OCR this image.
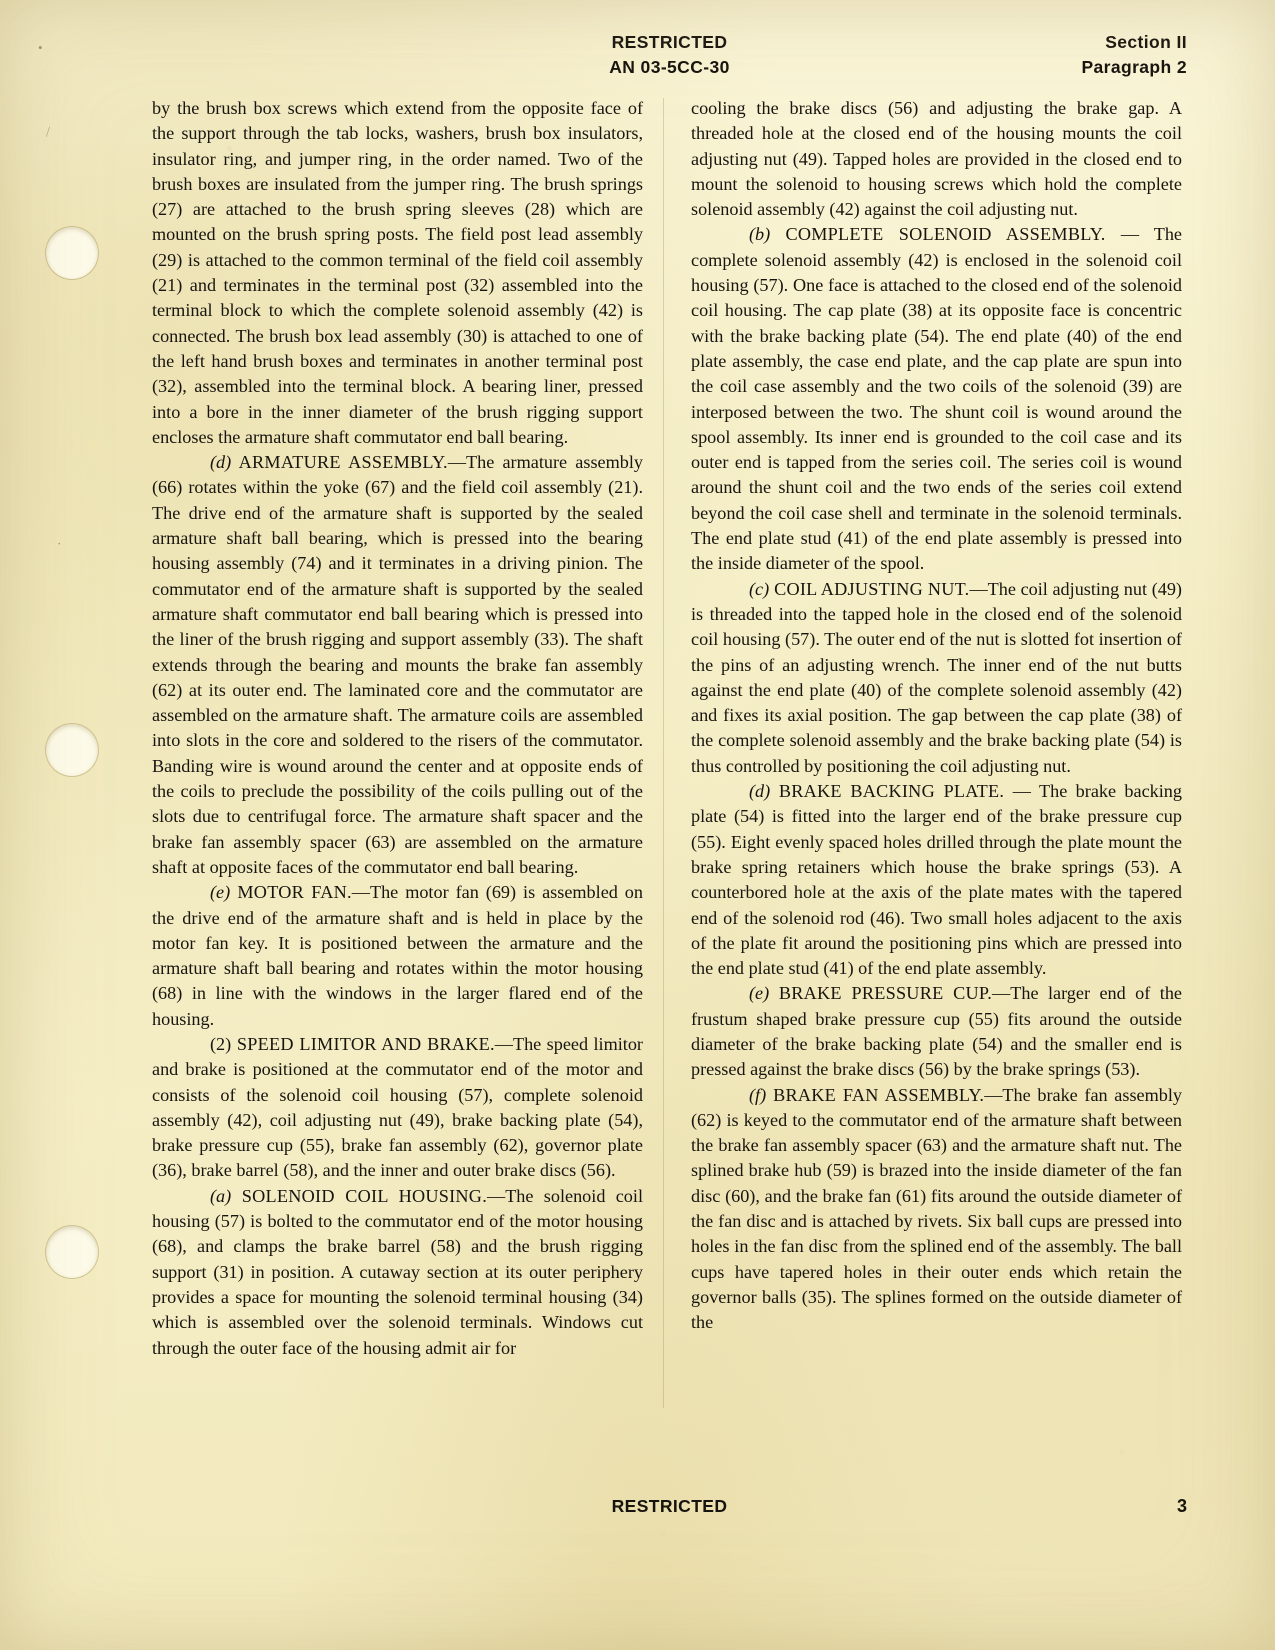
•
⁄
·
RESTRICTED
AN 03-5CC-30
Section II
Paragraph 2

by the brush box screws which extend from the opposite face of the support through the tab locks, washers, brush box insulators, insulator ring, and jumper ring, in the order named. Two of the brush boxes are insulated from the jumper ring. The brush springs (27) are attached to the brush spring sleeves (28) which are mounted on the brush spring posts. The field post lead assembly (29) is attached to the common terminal of the field coil assembly (21) and terminates in the terminal post (32) assembled into the terminal block to which the complete solenoid assembly (42) is connected. The brush box lead assembly (30) is attached to one of the left hand brush boxes and terminates in another terminal post (32), assembled into the terminal block. A bearing liner, pressed into a bore in the inner diameter of the brush rigging support encloses the armature shaft commutator end ball bearing.

(d) ARMATURE ASSEMBLY.—The armature assembly (66) rotates within the yoke (67) and the field coil assembly (21). The drive end of the armature shaft is supported by the sealed armature shaft ball bearing, which is pressed into the bearing housing assembly (74) and it terminates in a driving pinion. The commutator end of the armature shaft is supported by the sealed armature shaft commutator end ball bearing which is pressed into the liner of the brush rigging and support assembly (33). The shaft extends through the bearing and mounts the brake fan assembly (62) at its outer end. The laminated core and the commutator are assembled on the armature shaft. The armature coils are assembled into slots in the core and soldered to the risers of the commutator. Banding wire is wound around the center and at opposite ends of the coils to preclude the possibility of the coils pulling out of the slots due to centrifugal force. The armature shaft spacer and the brake fan assembly spacer (63) are assembled on the armature shaft at opposite faces of the commutator end ball bearing.

(e) MOTOR FAN.—The motor fan (69) is assembled on the drive end of the armature shaft and is held in place by the motor fan key. It is positioned between the armature and the armature shaft ball bearing and rotates within the motor housing (68) in line with the windows in the larger flared end of the housing.

(2) SPEED LIMITOR AND BRAKE.—The speed limitor and brake is positioned at the commutator end of the motor and consists of the solenoid coil housing (57), complete solenoid assembly (42), coil adjusting nut (49), brake backing plate (54), brake pressure cup (55), brake fan assembly (62), governor plate (36), brake barrel (58), and the inner and outer brake discs (56).

(a) SOLENOID COIL HOUSING.—The solenoid coil housing (57) is bolted to the commutator end of the motor housing (68), and clamps the brake barrel (58) and the brush rigging support (31) in position. A cutaway section at its outer periphery provides a space for mounting the solenoid terminal housing (34) which is assembled over the solenoid terminals. Windows cut through the outer face of the housing admit air for

cooling the brake discs (56) and adjusting the brake gap. A threaded hole at the closed end of the housing mounts the coil adjusting nut (49). Tapped holes are provided in the closed end to mount the solenoid to housing screws which hold the complete solenoid assembly (42) against the coil adjusting nut.

(b) COMPLETE SOLENOID ASSEMBLY. — The complete solenoid assembly (42) is enclosed in the solenoid coil housing (57). One face is attached to the closed end of the solenoid coil housing. The cap plate (38) at its opposite face is concentric with the brake backing plate (54). The end plate (40) of the end plate assembly, the case end plate, and the cap plate are spun into the coil case assembly and the two coils of the solenoid (39) are interposed between the two. The shunt coil is wound around the spool assembly. Its inner end is grounded to the coil case and its outer end is tapped from the series coil. The series coil is wound around the shunt coil and the two ends of the series coil extend beyond the coil case shell and terminate in the solenoid terminals. The end plate stud (41) of the end plate assembly is pressed into the inside diameter of the spool.

(c) COIL ADJUSTING NUT.—The coil adjusting nut (49) is threaded into the tapped hole in the closed end of the solenoid coil housing (57). The outer end of the nut is slotted fot insertion of the pins of an adjusting wrench. The inner end of the nut butts against the end plate (40) of the complete solenoid assembly (42) and fixes its axial position. The gap between the cap plate (38) of the complete solenoid assembly and the brake backing plate (54) is thus controlled by positioning the coil adjusting nut.

(d) BRAKE BACKING PLATE. — The brake backing plate (54) is fitted into the larger end of the brake pressure cup (55). Eight evenly spaced holes drilled through the plate mount the brake spring retainers which house the brake springs (53). A counterbored hole at the axis of the plate mates with the tapered end of the solenoid rod (46). Two small holes adjacent to the axis of the plate fit around the positioning pins which are pressed into the end plate stud (41) of the end plate assembly.

(e) BRAKE PRESSURE CUP.—The larger end of the frustum shaped brake pressure cup (55) fits around the outside diameter of the brake backing plate (54) and the smaller end is pressed against the brake discs (56) by the brake springs (53).

(f) BRAKE FAN ASSEMBLY.—The brake fan assembly (62) is keyed to the commutator end of the armature shaft between the brake fan assembly spacer (63) and the armature shaft nut. The splined brake hub (59) is brazed into the inside diameter of the fan disc (60), and the brake fan (61) fits around the outside diameter of the fan disc and is attached by rivets. Six ball cups are pressed into holes in the fan disc from the splined end of the assembly. The ball cups have tapered holes in their outer ends which retain the governor balls (35). The splines formed on the outside diameter of the

RESTRICTED	3
